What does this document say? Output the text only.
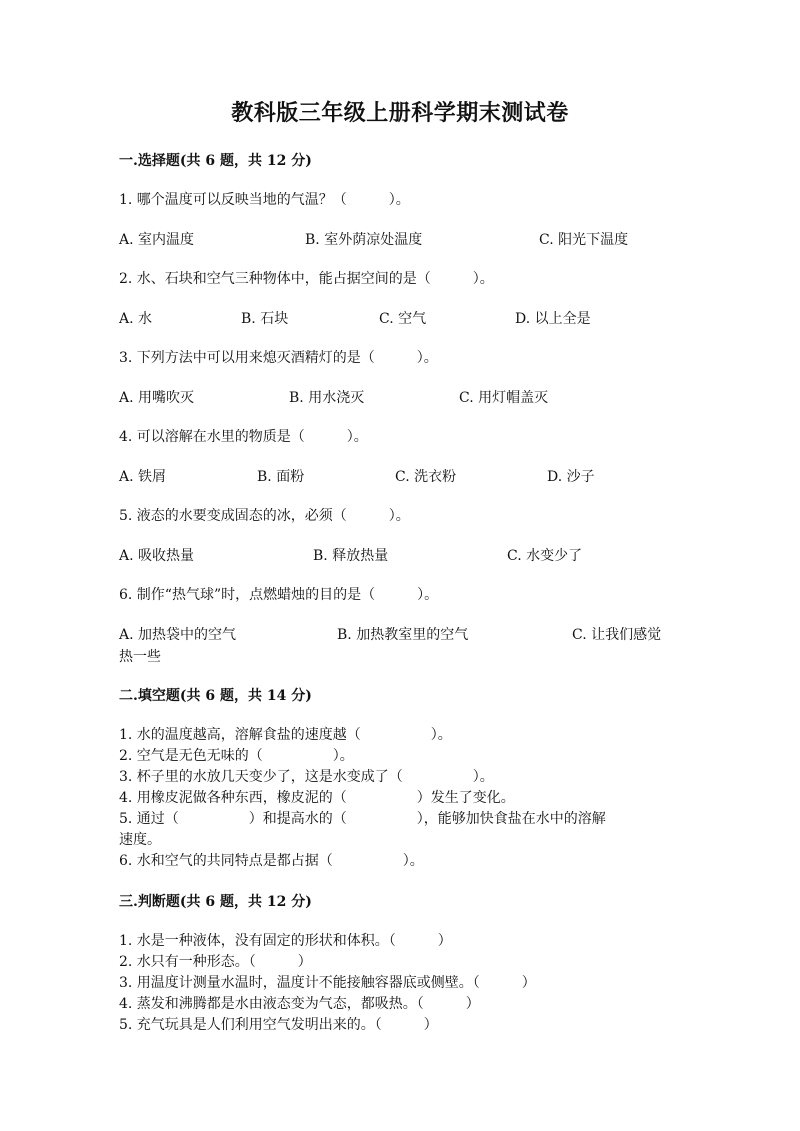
教科版三年级上册科学期末测试卷
一.选择题(共 6 题，共 12 分)
1. 哪个温度可以反映当地的气温？（　　　）。
A. 室内温度	B. 室外荫凉处温度	C. 阳光下温度
2. 水、石块和空气三种物体中，能占据空间的是（　　　）。
A. 水	B. 石块	C. 空气	D. 以上全是
3. 下列方法中可以用来熄灭酒精灯的是（　　　）。
A. 用嘴吹灭	B. 用水浇灭	C. 用灯帽盖灭
4. 可以溶解在水里的物质是（　　　）。
A. 铁屑	B. 面粉	C. 洗衣粉	D. 沙子
5. 液态的水要变成固态的冰，必须（　　　）。
A. 吸收热量	B. 释放热量	C. 水变少了
6. 制作“热气球”时，点燃蜡烛的目的是（　　　）。
A. 加热袋中的空气	B. 加热教室里的空气	C. 让我们感觉
热一些
二.填空题(共 6 题，共 14 分)
1. 水的温度越高，溶解食盐的速度越（　　　　　）。
2. 空气是无色无味的（　　　　　）。
3. 杯子里的水放几天变少了，这是水变成了（　　　　　）。
4. 用橡皮泥做各种东西，橡皮泥的（　　　　　）发生了变化。
5. 通过（　　　　　）和提高水的（　　　　　），能够加快食盐在水中的溶解
速度。
6. 水和空气的共同特点是都占据（　　　　　）。
三.判断题(共 6 题，共 12 分)
1. 水是一种液体，没有固定的形状和体积。（　　　）
2. 水只有一种形态。（　　　）
3. 用温度计测量水温时，温度计不能接触容器底或侧壁。（　　　）
4. 蒸发和沸腾都是水由液态变为气态，都吸热。（　　　）
5. 充气玩具是人们利用空气发明出来的。（　　　）
